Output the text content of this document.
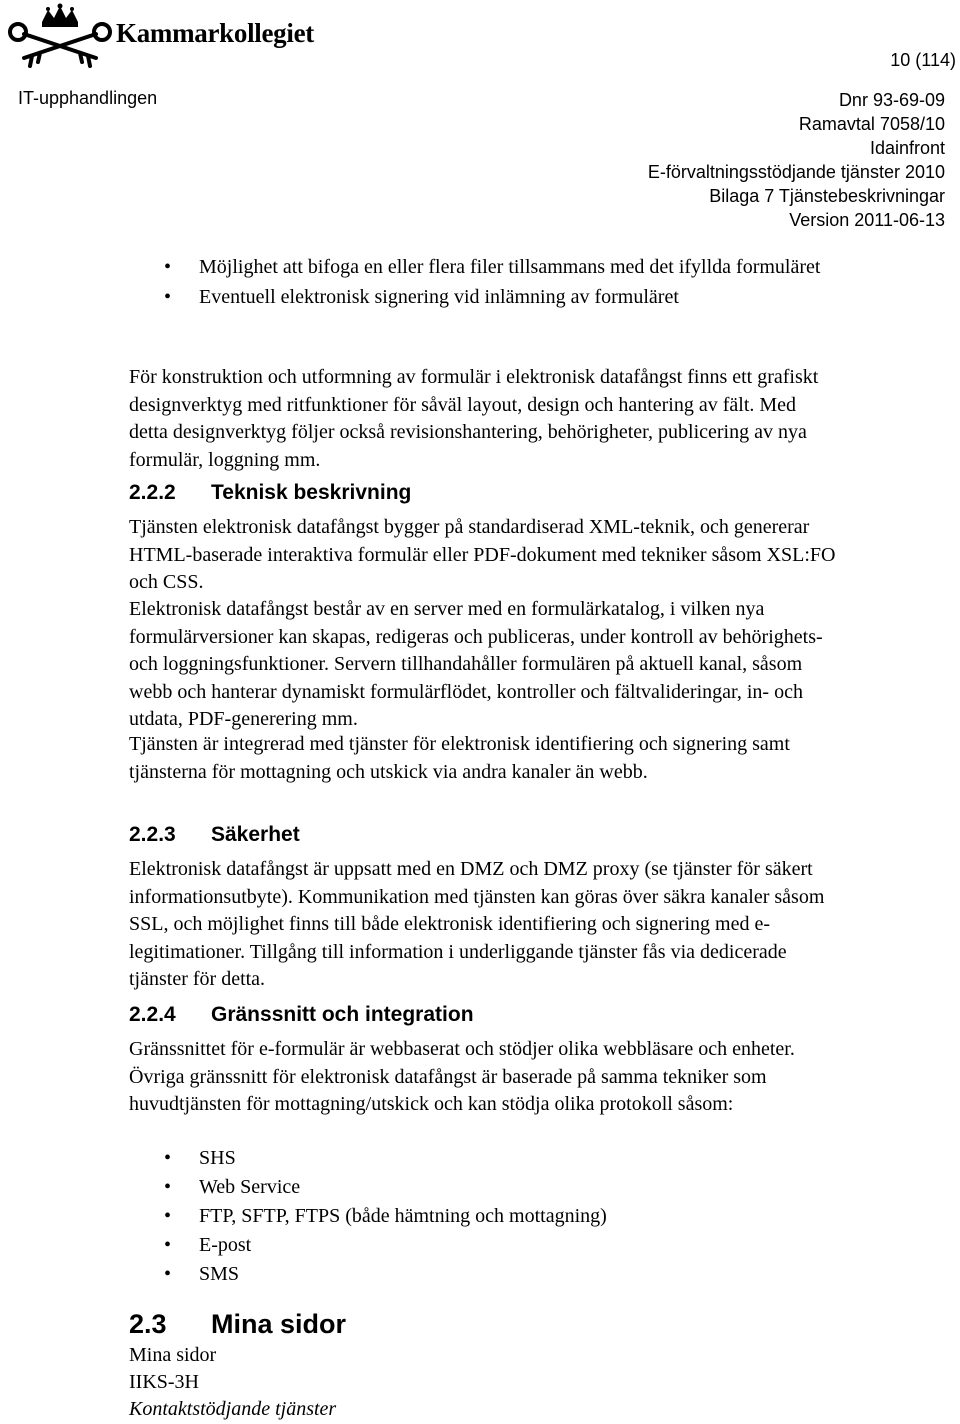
Kammarkollegiet
10 (114)
IT-upphandlingen	Dnr 93-69-09
Ramavtal 7058/10
Idainfront
E-förvaltningsstödjande tjänster 2010
Bilaga 7 Tjänstebeskrivningar
Version 2011-06-13
• Möjlighet att bifoga en eller flera filer tillsammans med det ifyllda formuläret
• Eventuell elektronisk signering vid inlämning av formuläret
För konstruktion och utformning av formulär i elektronisk datafångst finns ett grafiskt designverktyg med ritfunktioner för såväl layout, design och hantering av fält. Med detta designverktyg följer också revisionshantering, behörigheter, publicering av nya formulär, loggning mm.
2.2.2 Teknisk beskrivning
Tjänsten elektronisk datafångst bygger på standardiserad XML-teknik, och genererar HTML-baserade interaktiva formulär eller PDF-dokument med tekniker såsom XSL:FO och CSS.
Elektronisk datafångst består av en server med en formulärkatalog, i vilken nya formulärversioner kan skapas, redigeras och publiceras, under kontroll av behörighets- och loggningsfunktioner. Servern tillhandahåller formulären på aktuell kanal, såsom webb och hanterar dynamiskt formulärflödet, kontroller och fältvalideringar, in- och utdata, PDF-generering mm.
Tjänsten är integrerad med tjänster för elektronisk identifiering och signering samt tjänsterna för mottagning och utskick via andra kanaler än webb.
2.2.3 Säkerhet
Elektronisk datafångst är uppsatt med en DMZ och DMZ proxy (se tjänster för säkert informationsutbyte). Kommunikation med tjänsten kan göras över säkra kanaler såsom SSL, och möjlighet finns till både elektronisk identifiering och signering med e-legitimationer. Tillgång till information i underliggande tjänster fås via dedicerade tjänster för detta.
2.2.4 Gränssnitt och integration
Gränssnittet för e-formulär är webbaserat och stödjer olika webbläsare och enheter. Övriga gränssnitt för elektronisk datafångst är baserade på samma tekniker som huvudtjänsten för mottagning/utskick och kan stödja olika protokoll såsom:
• SHS
• Web Service
• FTP, SFTP, FTPS (både hämtning och mottagning)
• E-post
• SMS
2.3 Mina sidor
Mina sidor
IIKS-3H
Kontaktstödjande tjänster
